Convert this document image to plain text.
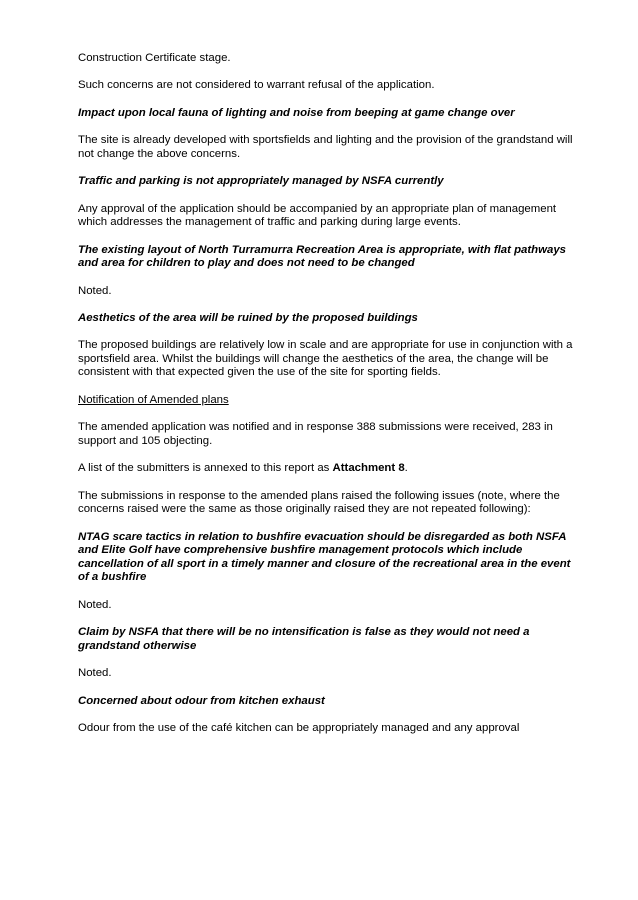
Construction Certificate stage.

Such concerns are not considered to warrant refusal of the application.

Impact upon local fauna of lighting and noise from beeping at game change over

The site is already developed with sportsfields and lighting and the provision of the grandstand will not change the above concerns.

Traffic and parking is not appropriately managed by NSFA currently

Any approval of the application should be accompanied by an appropriate plan of management which addresses the management of traffic and parking during large events.

The existing layout of North Turramurra Recreation Area is appropriate, with flat pathways and area for children to play and does not need to be changed

Noted.

Aesthetics of the area will be ruined by the proposed buildings

The proposed buildings are relatively low in scale and are appropriate for use in conjunction with a sportsfield area. Whilst the buildings will change the aesthetics of the area, the change will be consistent with that expected given the use of the site for sporting fields.

Notification of Amended plans

The amended application was notified and in response 388 submissions were received, 283 in support and 105 objecting.

A list of the submitters is annexed to this report as Attachment 8.

The submissions in response to the amended plans raised the following issues (note, where the concerns raised were the same as those originally raised they are not repeated following):

NTAG scare tactics in relation to bushfire evacuation should be disregarded as both NSFA and Elite Golf have comprehensive bushfire management protocols which include cancellation of all sport in a timely manner and closure of the recreational area in the event of a bushfire

Noted.

Claim by NSFA that there will be no intensification is false as they would not need a grandstand otherwise

Noted.

Concerned about odour from kitchen exhaust

Odour from the use of the café kitchen can be appropriately managed and any approval
